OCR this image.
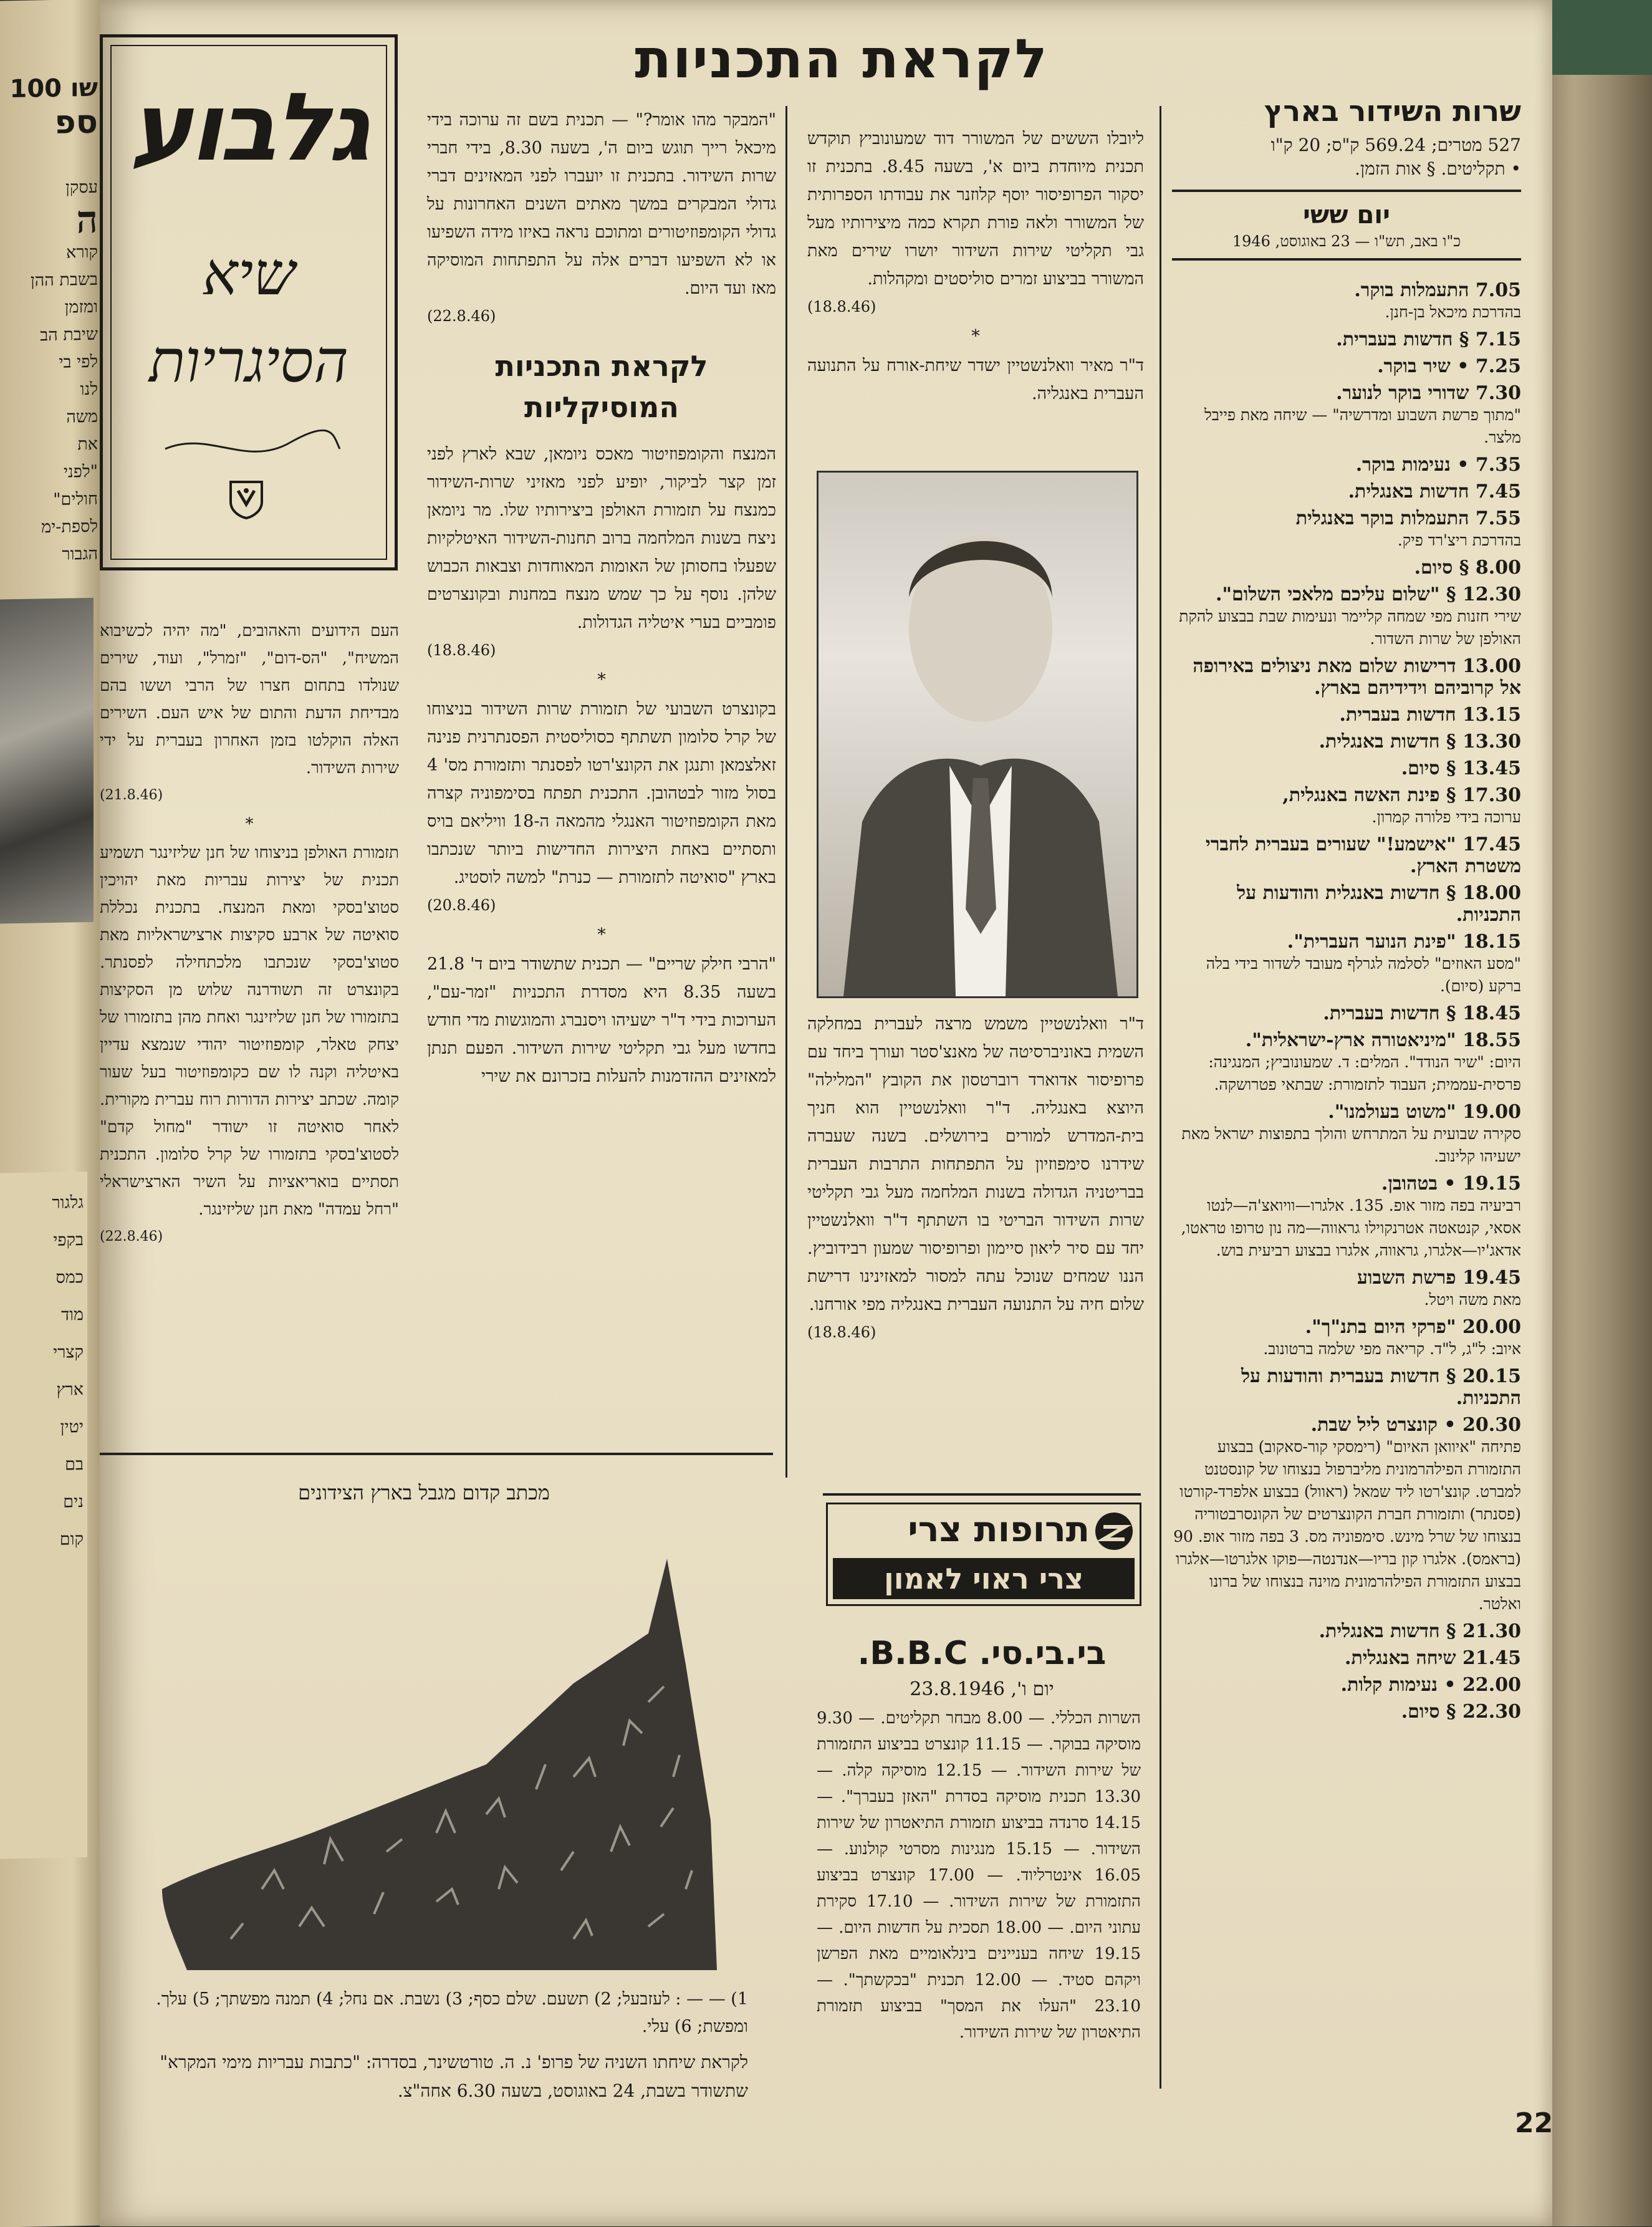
שו 100
ספ
עסקן
ה
קורא
בשבת ההן
ומזמן
שיבת הב
לפי בי
לנו
משה
את
"לפני
חולים"
לספת-ימ
הגבור
גלגור
בקפי
כמס
מוד
קצרי
ארץ
יטין
בם
נים
קום
גלבוע
שיא
הסיגריות
לקראת התכניות
שרות השידור בארץ
527 מטרים; 569.24 ק"ס; 20 ק"ו
• תקליטים. § אות הזמן.
יום ששי
כ"ו באב, תש"ו — 23 באוגוסט, 1946
7.05 התעמלות בוקר.
בהדרכת מיכאל בן-חנן.
7.15 § חדשות בעברית.
7.25 • שיר בוקר.
7.30 שדורי בוקר לנוער.
"מתוך פרשת השבוע ומדרשיה" — שיחה מאת פייבל מלצר.
7.35 • נעימות בוקר.
7.45 חדשות באנגלית.
7.55 התעמלות בוקר באנגלית
בהדרכת ריצ'רד פיק.
8.00 § סיום.
12.30 § "שלום עליכם מלאכי השלום".
שירי חזנות מפי שמחה קליימר ונעימות שבת בבצוע להקת האולפן של שרות השדור.
13.00 דרישות שלום מאת ניצולים באירופה אל קרוביהם וידידיהם בארץ.
13.15 חדשות בעברית.
13.30 § חדשות באנגלית.
13.45 § סיום.
17.30 § פינת האשה באנגלית,
ערוכה בידי פלורה קמרון.
17.45 "אישמע!" שעורים בעברית לחברי משטרת הארץ.
18.00 § חדשות באנגלית והודעות על התכניות.
18.15 "פינת הנוער העברית".
"מסע האוזים" לסלמה לגרלף מעובד לשדור בידי בלה ברקע (סיום).
18.45 § חדשות בעברית.
18.55 "מיניאטורה ארץ-ישראלית".
היום: "שיר הנודד". המלים: ד. שמעונוביץ; המנגינה: פרסית-עממית; העבוד לתזמורת: שבתאי פטרושקה.
19.00 "משוט בעולמנו".
סקירה שבועית על המתרחש והולך בתפוצות ישראל מאת ישעיהו קלינוב.
19.15 • בטהובן.
רביעיה בפה מזור אופ. 135. אלגרו—וויואצ'ה—לנטו אסאי, קנטאטה אטרנקוילו גראווה—מה נון טרופו טראטו, אדאג'יו—אלגרו, גראווה, אלגרו בבצוע רביעית בוש.
19.45 פרשת השבוע
מאת משה ויטל.
20.00 "פרקי היום בתנ"ך".
איוב: ל"ג, ל"ד. קריאה מפי שלמה ברטונוב.
20.15 § חדשות בעברית והודעות על התכניות.
20.30 • קונצרט ליל שבת.
פתיחה "איוואן האיום" (רימסקי קור-סאקוב) בבצוע התזמורת הפילהרמונית מליברפול בנצוחו של קונסטנט למברט. קונצ'רטו ליד שמאל (ראוול) בבצוע אלפרד-קורטו (פסנתר) ותזמורת חברת הקונצרטים של הקונסרבטוריה בנצוחו של שרל מינש. סימפוניה מס. 3 בפה מזור אופ. 90 (בראמס). אלגרו קון בריו—אנדנטה—פוקו אלגרטו—אלגרו בבצוע התזמורת הפילהרמונית מוינה בנצוחו של ברונו ואלטר.
21.30 § חדשות באנגלית.
21.45 שיחה באנגלית.
22.00 • נעימות קלות.
22.30 § סיום.
ליובלו הששים של המשורר דוד שמעונוביץ תוקדש תכנית מיוחדת ביום א', בשעה 8.45. בתכנית זו יסקור הפרופיסור יוסף קלוזנר את עבודתו הספרותית של המשורר ולאה פורת תקרא כמה מיצירותיו מעל גבי תקליטי שירות השידור יושרו שירים מאת המשורר בביצוע זמרים סוליסטים ומקהלות.
(18.8.46)
*
ד"ר מאיר וואלנשטיין ישדר שיחת-אורח על התנועה העברית באנגליה.
ד"ר וואלנשטיין משמש מרצה לעברית במחלקה השמית באוניברסיטה של מאנצ'סטר ועורך ביחד עם פרופיסור אדוארד רוברטסון את הקובץ "המלילה" היוצא באנגליה. ד"ר וואלנשטיין הוא חניך בית-המדרש למורים בירושלים. בשנה שעברה שידרנו סימפוזיון על התפתחות התרבות העברית בבריטניה הגדולה בשנות המלחמה מעל גבי תקליטי שרות השידור הבריטי בו השתתף ד"ר וואלנשטיין יחד עם סיר ליאון סיימון ופרופיסור שמעון רבידוביץ. הננו שמחים שנוכל עתה למסור למאזינינו דרישת שלום חיה על התנועה העברית באנגליה מפי אורחנו.
(18.8.46)
"המבקר מהו אומר?" — תכנית בשם זה ערוכה בידי מיכאל רייך תוגש ביום ה', בשעה 8.30, בידי חברי שרות השידור. בתכנית זו יועברו לפני המאזינים דברי גדולי המבקרים במשך מאתים השנים האחרונות על גדולי הקומפוזיטורים ומתוכם נראה באיזו מידה השפיעו או לא השפיעו דברים אלה על התפתחות המוסיקה מאז ועד היום.
(22.8.46)
לקראת התכניות המוסיקליות
המנצח והקומפוזיטור מאכס ניומאן, שבא לארץ לפני זמן קצר לביקור, יופיע לפני מאזיני שרות-השידור כמנצח על תזמורת האולפן ביצירותיו שלו. מר ניומאן ניצח בשנות המלחמה ברוב תחנות-השידור האיטלקיות שפעלו בחסותן של האומות המאוחדות וצבאות הכבוש שלהן. נוסף על כך שמש מנצח במחנות ובקונצרטים פומביים בערי איטליה הגדולות.
(18.8.46)
*
בקונצרט השבועי של תזמורת שרות השידור בניצוחו של קרל סלומון תשתתף כסוליסטית הפסנתרנית פנינה זאלצמאן ותנגן את הקונצ'רטו לפסנתר ותזמורת מס' 4 בסול מזור לבטהובן. התכנית תפתח בסימפוניה קצרה מאת הקומפוזיטור האנגלי מהמאה ה-18 וויליאם בויס ותסתיים באחת היצירות החדישות ביותר שנכתבו בארץ "סואיטה לתזמורת — כנרת" למשה לוסטיג.
(20.8.46)
*
"הרבי חילק שריים" — תכנית שתשודר ביום ד' 21.8 בשעה 8.35 היא מסדרת התכניות "זמר-עם", הערוכות בידי ד"ר ישעיהו ויסנברג והמוגשות מדי חודש בחדשו מעל גבי תקליטי שירות השידור. הפעם תנתן למאזינים ההזדמנות להעלות בזכרונם את שירי
העם הידועים והאהובים, "מה יהיה לכשיבוא המשיח", "הס-דום", "זמרל", ועוד, שירים שנולדו בתחום חצרו של הרבי וששו בהם מבדיחת הדעת והתום של איש העם. השירים האלה הוקלטו בזמן האחרון בעברית על ידי שירות השידור.
(21.8.46)
*
תזמורת האולפן בניצוחו של חנן שליזינגר תשמיע תכנית של יצירות עבריות מאת יהויכין סטוצ'בסקי ומאת המנצח. בתכנית נכללת סואיטה של ארבע סקיצות ארצישראליות מאת סטוצ'בסקי שנכתבו מלכתחילה לפסנתר. בקונצרט זה תשודרנה שלוש מן הסקיצות בתזמורו של חנן שליזינגר ואחת מהן בתזמורו של יצחק טאלר, קומפוזיטור יהודי שנמצא עדיין באיטליה וקנה לו שם כקומפוזיטור בעל שעור קומה. שכתב יצירות הדורות רוח עברית מקורית. לאחר סואיטה זו ישודר "מחול קדם" לסטוצ'בסקי בתזמורו של קרל סלומון. התכנית תסתיים בואריאציות על השיר הארצישראלי "רחל עמדה" מאת חנן שליזינגר.
(22.8.46)
מכתב קדום מגבל בארץ הצידונים
1) — — : לעזבעל; 2) תשעם. שלם כסף; 3) נשבת. אם נחל; 4) תמנה מפשתך; 5) עלך. ומפשת; 6) עלי.
לקראת שיחתו השניה של פרופ' נ. ה. טורטשינר, בסדרה: "כתבות עבריות מימי המקרא" שתשודר בשבת, 24 באוגוסט, בשעה 6.30 אחה"צ.
תרופות צרי
צרי ראוי לאמון
בי.בי.סי. B.B.C.
יום ו', 23.8.1946
השרות הכללי. — 8.00 מבחר תקליטים. — 9.30 מוסיקה בבוקר. — 11.15 קונצרט בביצוע התזמורת של שירות השידור. — 12.15 מוסיקה קלה. — 13.30 תכנית מוסיקה בסדרת "האזן בעברך". — 14.15 סרנדה בביצוע תזמורת התיאטרון של שירות השידור. — 15.15 מנגינות מסרטי קולנוע. — 16.05 אינטרליוד. — 17.00 קונצרט בביצוע התזמורת של שירות השידור. — 17.10 סקירת עתוני היום. — 18.00 תסכית על חדשות היום. — 19.15 שיחה בעניינים בינלאומיים מאת הפרשן ויקהם סטיד. — 12.00 תכנית "בכקשתך". — 23.10 "העלו את המסך" בביצוע תזמורת התיאטרון של שירות השידור.
22
